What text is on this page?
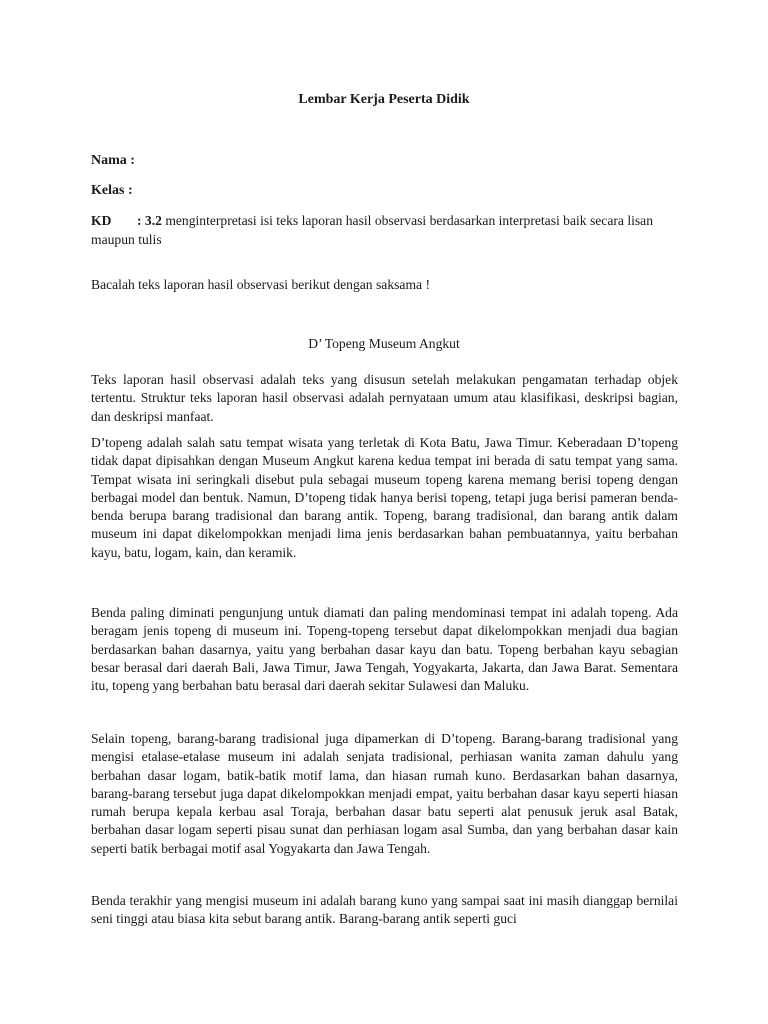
Lembar Kerja Peserta Didik
Nama :
Kelas :
KD : 3.2 menginterpretasi isi teks laporan hasil observasi berdasarkan interpretasi baik secara lisan maupun tulis
Bacalah teks laporan hasil observasi berikut dengan saksama !
D’ Topeng Museum Angkut

Teks laporan hasil observasi adalah teks yang disusun setelah melakukan pengamatan terhadap objek tertentu. Struktur teks laporan hasil observasi adalah pernyataan umum atau klasifikasi, deskripsi bagian, dan deskripsi manfaat.

D’topeng adalah salah satu tempat wisata yang terletak di Kota Batu, Jawa Timur. Keberadaan D’topeng tidak dapat dipisahkan dengan Museum Angkut karena kedua tempat ini berada di satu tempat yang sama. Tempat wisata ini seringkali disebut pula sebagai museum topeng karena memang berisi topeng dengan berbagai model dan bentuk. Namun, D’topeng tidak hanya berisi topeng, tetapi juga berisi pameran benda-benda berupa barang tradisional dan barang antik. Topeng, barang tradisional, dan barang antik dalam museum ini dapat dikelompokkan menjadi lima jenis berdasarkan bahan pembuatannya, yaitu berbahan kayu, batu, logam, kain, dan keramik.

Benda paling diminati pengunjung untuk diamati dan paling mendominasi tempat ini adalah topeng. Ada beragam jenis topeng di museum ini. Topeng-topeng tersebut dapat dikelompokkan menjadi dua bagian berdasarkan bahan dasarnya, yaitu yang berbahan dasar kayu dan batu. Topeng berbahan kayu sebagian besar berasal dari daerah Bali, Jawa Timur, Jawa Tengah, Yogyakarta, Jakarta, dan Jawa Barat. Sementara itu, topeng yang berbahan batu berasal dari daerah sekitar Sulawesi dan Maluku.

Selain topeng, barang-barang tradisional juga dipamerkan di D’topeng. Barang-barang tradisional yang mengisi etalase-etalase museum ini adalah senjata tradisional, perhiasan wanita zaman dahulu yang berbahan dasar logam, batik-batik motif lama, dan hiasan rumah kuno. Berdasarkan bahan dasarnya, barang-barang tersebut juga dapat dikelompokkan menjadi empat, yaitu berbahan dasar kayu seperti hiasan rumah berupa kepala kerbau asal Toraja, berbahan dasar batu seperti alat penusuk jeruk asal Batak, berbahan dasar logam seperti pisau sunat dan perhiasan logam asal Sumba, dan yang berbahan dasar kain seperti batik berbagai motif asal Yogyakarta dan Jawa Tengah.

Benda terakhir yang mengisi museum ini adalah barang kuno yang sampai saat ini masih dianggap bernilai seni tinggi atau biasa kita sebut barang antik. Barang-barang antik seperti guci
